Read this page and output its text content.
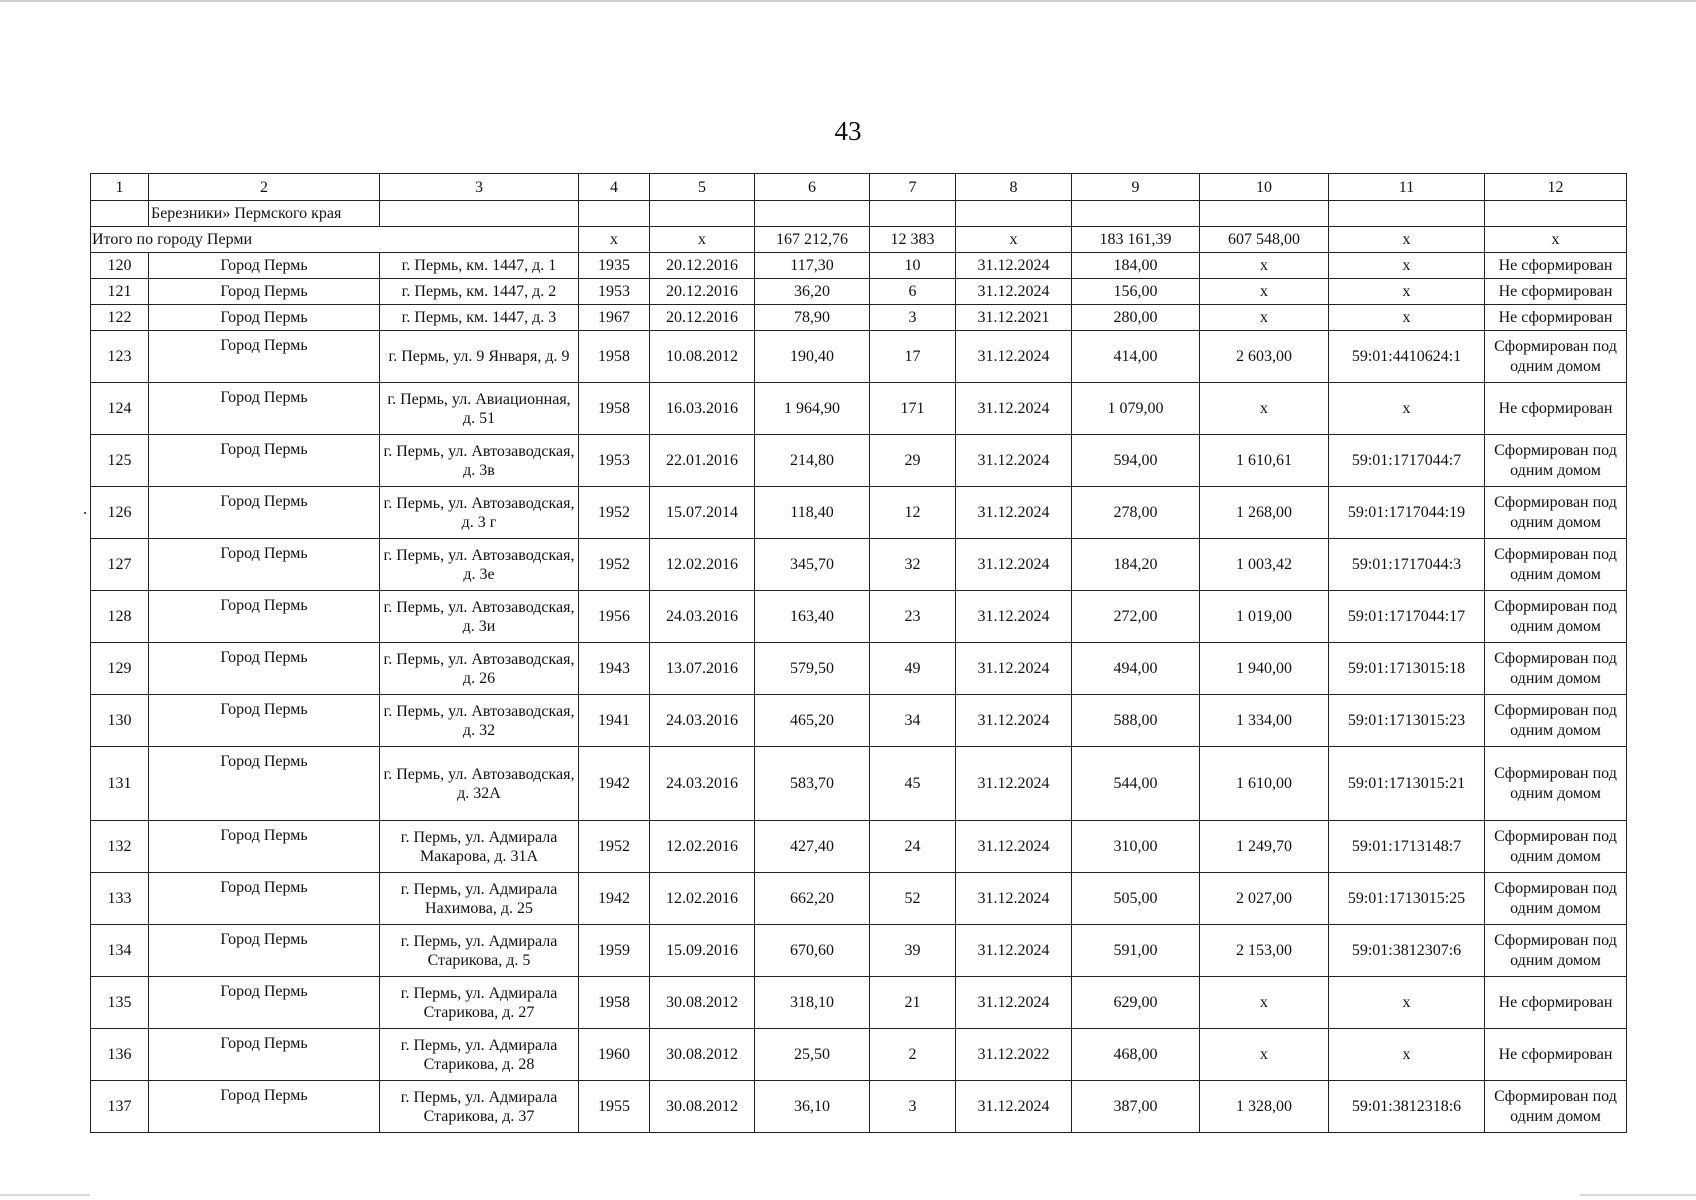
43
1	2	3	4	5	6	7	8	9	10	11	12
	Березники» Пермского края										
Итого по городу Перми			x	x	167 212,76	12 383	x	183 161,39	607 548,00	x	x
120	Город Пермь	г. Пермь, км. 1447, д. 1	1935	20.12.2016	117,30	10	31.12.2024	184,00	x	x	Не сформирован
121	Город Пермь	г. Пермь, км. 1447, д. 2	1953	20.12.2016	36,20	6	31.12.2024	156,00	x	x	Не сформирован
122	Город Пермь	г. Пермь, км. 1447, д. 3	1967	20.12.2016	78,90	3	31.12.2021	280,00	x	x	Не сформирован
123	Город Пермь	г. Пермь, ул. 9 Января, д. 9	1958	10.08.2012	190,40	17	31.12.2024	414,00	2 603,00	59:01:4410624:1	Сформирован под одним домом
124	Город Пермь	г. Пермь, ул. Авиационная, д. 51	1958	16.03.2016	1 964,90	171	31.12.2024	1 079,00	x	x	Не сформирован
125	Город Пермь	г. Пермь, ул. Автозаводская, д. 3в	1953	22.01.2016	214,80	29	31.12.2024	594,00	1 610,61	59:01:1717044:7	Сформирован под одним домом
126	Город Пермь	г. Пермь, ул. Автозаводская, д. 3 г	1952	15.07.2014	118,40	12	31.12.2024	278,00	1 268,00	59:01:1717044:19	Сформирован под одним домом
127	Город Пермь	г. Пермь, ул. Автозаводская, д. 3е	1952	12.02.2016	345,70	32	31.12.2024	184,20	1 003,42	59:01:1717044:3	Сформирован под одним домом
128	Город Пермь	г. Пермь, ул. Автозаводская, д. 3и	1956	24.03.2016	163,40	23	31.12.2024	272,00	1 019,00	59:01:1717044:17	Сформирован под одним домом
129	Город Пермь	г. Пермь, ул. Автозаводская, д. 26	1943	13.07.2016	579,50	49	31.12.2024	494,00	1 940,00	59:01:1713015:18	Сформирован под одним домом
130	Город Пермь	г. Пермь, ул. Автозаводская, д. 32	1941	24.03.2016	465,20	34	31.12.2024	588,00	1 334,00	59:01:1713015:23	Сформирован под одним домом
131	Город Пермь	г. Пермь, ул. Автозаводская, д. 32А	1942	24.03.2016	583,70	45	31.12.2024	544,00	1 610,00	59:01:1713015:21	Сформирован под одним домом
132	Город Пермь	г. Пермь, ул. Адмирала Макарова, д. 31А	1952	12.02.2016	427,40	24	31.12.2024	310,00	1 249,70	59:01:1713148:7	Сформирован под одним домом
133	Город Пермь	г. Пермь, ул. Адмирала Нахимова, д. 25	1942	12.02.2016	662,20	52	31.12.2024	505,00	2 027,00	59:01:1713015:25	Сформирован под одним домом
134	Город Пермь	г. Пермь, ул. Адмирала Старикова, д. 5	1959	15.09.2016	670,60	39	31.12.2024	591,00	2 153,00	59:01:3812307:6	Сформирован под одним домом
135	Город Пермь	г. Пермь, ул. Адмирала Старикова, д. 27	1958	30.08.2012	318,10	21	31.12.2024	629,00	x	x	Не сформирован
136	Город Пермь	г. Пермь, ул. Адмирала Старикова, д. 28	1960	30.08.2012	25,50	2	31.12.2022	468,00	x	x	Не сформирован
137	Город Пермь	г. Пермь, ул. Адмирала Старикова, д. 37	1955	30.08.2012	36,10	3	31.12.2024	387,00	1 328,00	59:01:3812318:6	Сформирован под одним домом
